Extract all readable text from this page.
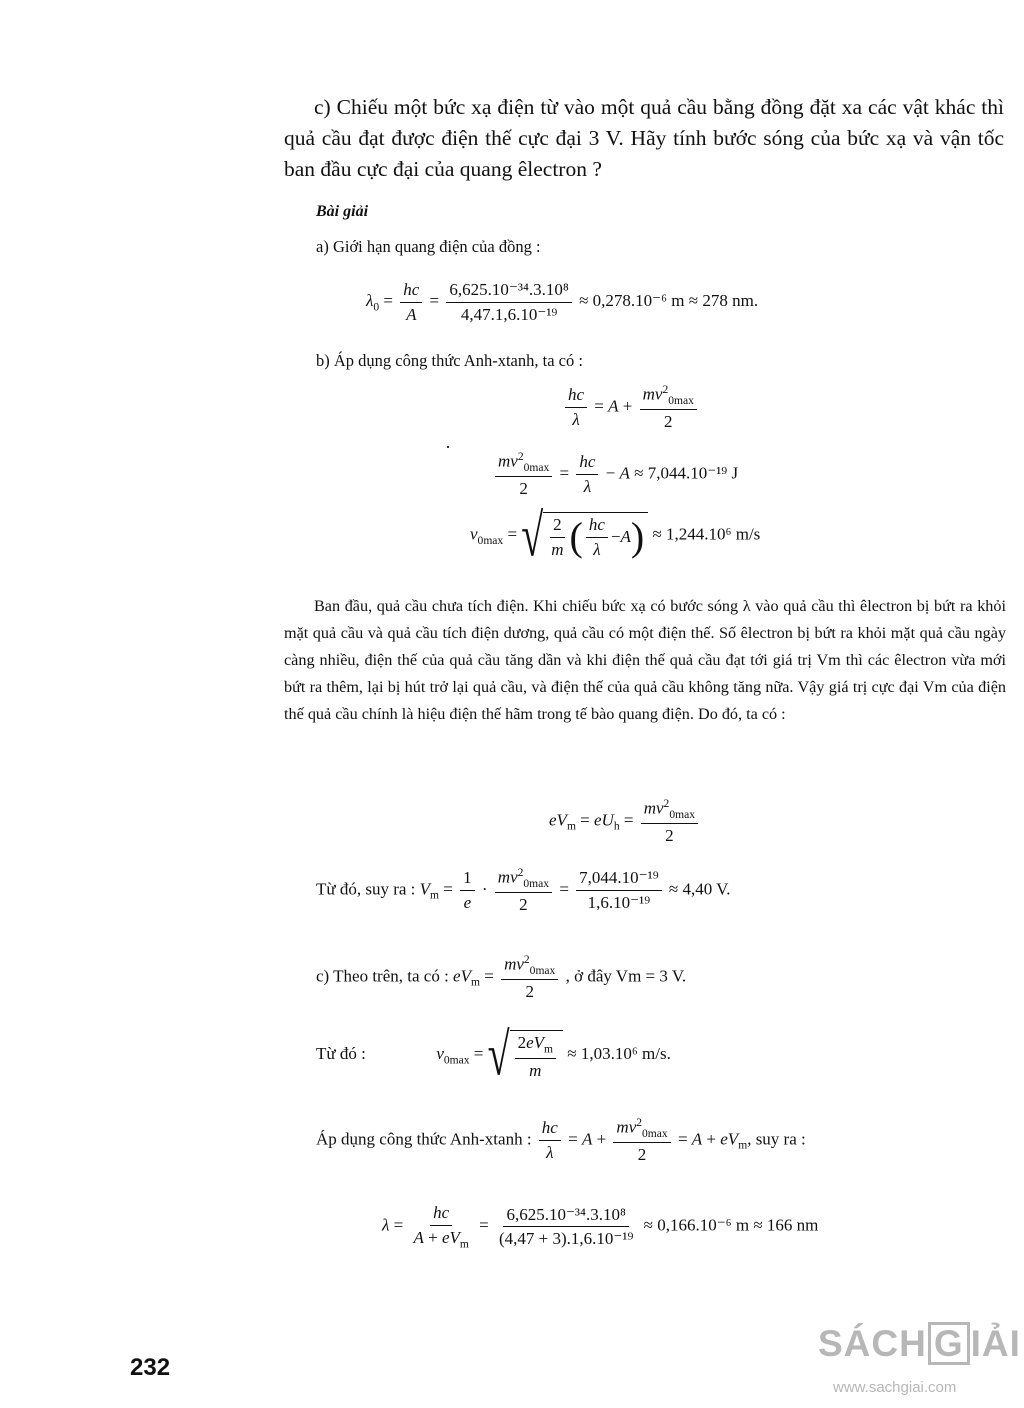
c) Chiếu một bức xạ điện từ vào một quả cầu bằng đồng đặt xa các vật khác thì quả cầu đạt được điện thế cực đại 3 V. Hãy tính bước sóng của bức xạ và vận tốc ban đầu cực đại của quang êlectron ?

Bài giải
a) Giới hạn quang điện của đồng :
$\lambda_0 = \frac{hc}{A} = \frac{\text{6,625.10⁻³⁴.3.10⁸}}{\text{4,47.1,6.10⁻¹⁹}} \approx 0,278.10^{-6}$ m ≈ 278 nm.
b) Áp dụng công thức Anh-xtanh, ta có :
$\frac{hc}{\lambda} = A + \frac{mv^2_{0max}}{2}$
$\frac{mv^2_{0max}}{2} = \frac{hc}{\lambda} - A \approx 7,044.10^{-19}$ J
$v_{0max}$ = √ $\frac{2}{m}$ ( $\frac{hc}{\lambda} - A$ ) ≈ 1,244.10⁶ m/s

Ban đầu, quả cầu chưa tích điện. Khi chiếu bức xạ có bước sóng λ vào quả cầu thì êlectron bị bứt ra khỏi mặt quả cầu và quả cầu tích điện dương, quả cầu có một điện thế. Số êlectron bị bứt ra khỏi mặt quả cầu ngày càng nhiều, điện thế của quả cầu tăng dần và khi điện thế quả cầu đạt tới giá trị Vm thì các êlectron vừa mới bứt ra thêm, lại bị hút trở lại quả cầu, và điện thế của quả cầu không tăng nữa. Vậy giá trị cực đại Vm của điện thế quả cầu chính là hiệu điện thế hãm trong tế bào quang điện. Do đó, ta có :

$eV_m = eU_h = \frac{mv^2_{0max}}{2}$
Từ đó, suy ra : $V_m = \frac{1}{e} \cdot \frac{mv^2_{0max}}{2} = \frac{\text{7,044.10⁻¹⁹}}{\text{1,6.10⁻¹⁹}} \approx 4,40$ V.
c) Theo trên, ta có : $eV_m = \frac{mv^2_{0max}}{2}$ , ở đây Vm = 3 V.
Từ đó :	$v_{0max}$ = √ $\frac{2eV_m}{m} \approx 1,03.10^6$ m/s.
Áp dụng công thức Anh-xtanh : $\frac{hc}{\lambda} = A + \frac{mv^2_{0max}}{2} = A + eV_m$, suy ra :
$\lambda = \frac{hc}{A + eV_m} = \frac{\text{6,625.10⁻³⁴.3.10⁸}}{\text{(4,47 + 3).1,6.10⁻¹⁹}} \approx 0,166.10^{-6}$ m ≈ 166 nm
232
SÁCH G IẢI
www.sachgiai.com
